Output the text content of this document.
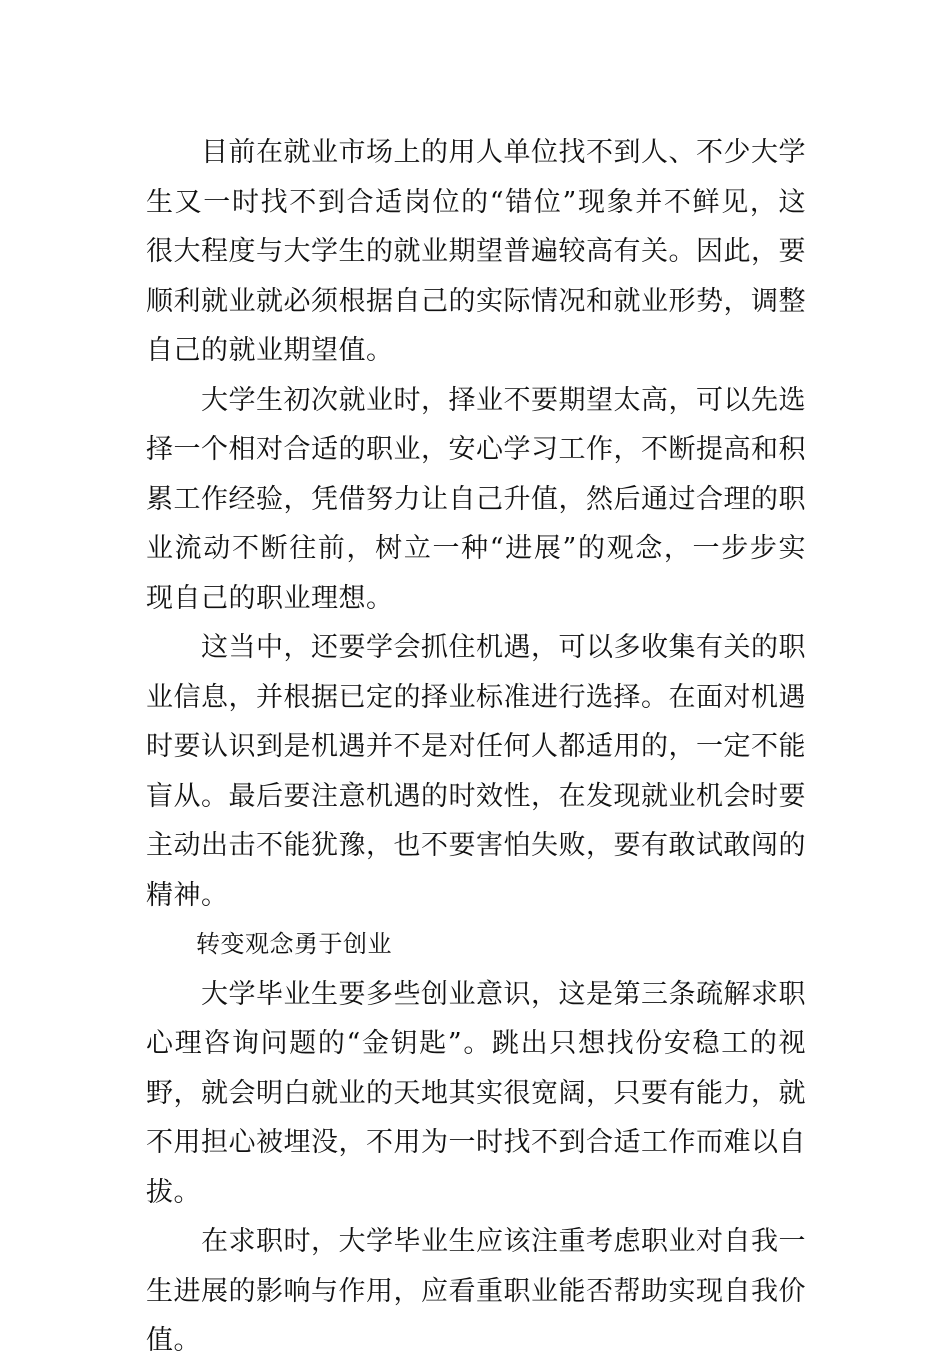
目前在就业市场上的用人单位找不到人、不少大学生又一时找不到合适岗位的“错位”现象并不鲜见，这很大程度与大学生的就业期望普遍较高有关。因此，要顺利就业就必须根据自己的实际情况和就业形势，调整自己的就业期望值。

大学生初次就业时，择业不要期望太高，可以先选择一个相对合适的职业，安心学习工作，不断提高和积累工作经验，凭借努力让自己升值，然后通过合理的职业流动不断往前，树立一种“进展”的观念，一步步实现自己的职业理想。

这当中，还要学会抓住机遇，可以多收集有关的职业信息，并根据已定的择业标准进行选择。在面对机遇时要认识到是机遇并不是对任何人都适用的，一定不能盲从。最后要注意机遇的时效性，在发现就业机会时要主动出击不能犹豫，也不要害怕失败，要有敢试敢闯的精神。

转变观念勇于创业

大学毕业生要多些创业意识，这是第三条疏解求职心理咨询问题的“金钥匙”。跳出只想找份安稳工的视野，就会明白就业的天地其实很宽阔，只要有能力，就不用担心被埋没，不用为一时找不到合适工作而难以自拔。

在求职时，大学毕业生应该注重考虑职业对自我一生进展的影响与作用，应看重职业能否帮助实现自我价值。
